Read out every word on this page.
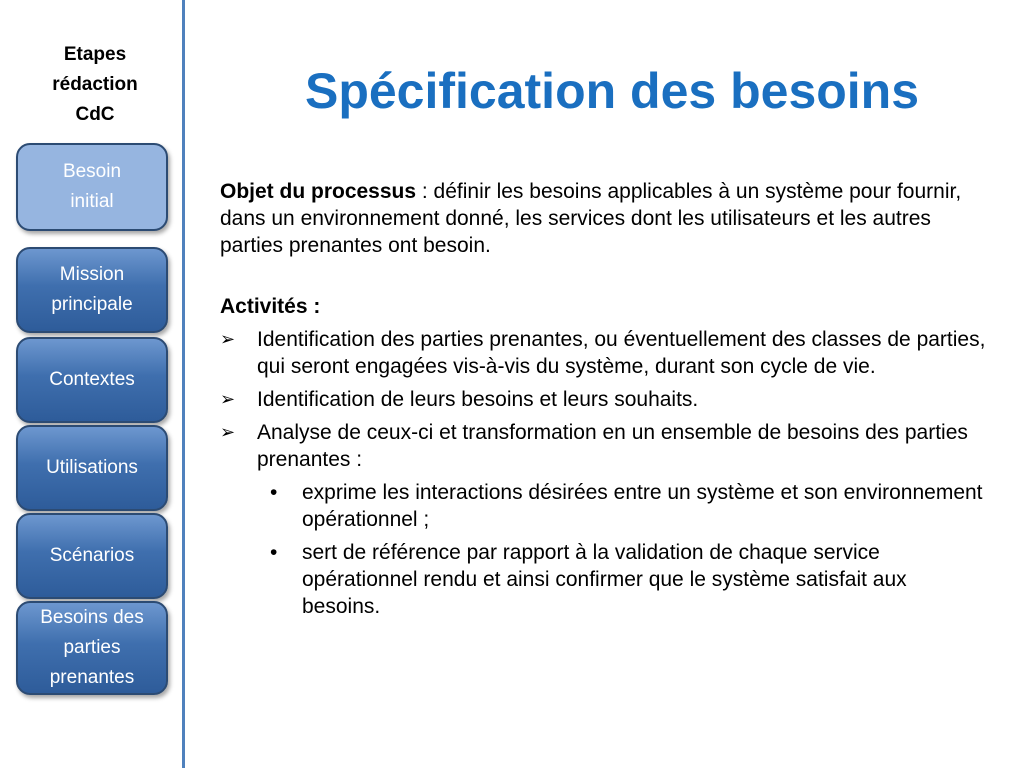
Etapes
rédaction
CdC
Besoin
initial
Mission
principale
Contextes
Utilisations
Scénarios
Besoins des
parties
prenantes
Spécification des besoins

Objet du processus : définir les besoins applicables à un système pour fournir, dans un environnement donné, les services dont les utilisateurs et les autres parties prenantes ont besoin.

Activités :
➢	Identification des parties prenantes, ou éventuellement des classes de parties, qui seront engagées vis-à-vis du système, durant son cycle de vie.
➢	Identification de leurs besoins et leurs souhaits.
➢	Analyse de ceux-ci et transformation en un ensemble de besoins des parties prenantes :
•	exprime les interactions désirées entre un système et son environnement opérationnel ;
•	sert de référence par rapport à la validation de chaque service opérationnel rendu et ainsi confirmer que le système satisfait aux besoins.
